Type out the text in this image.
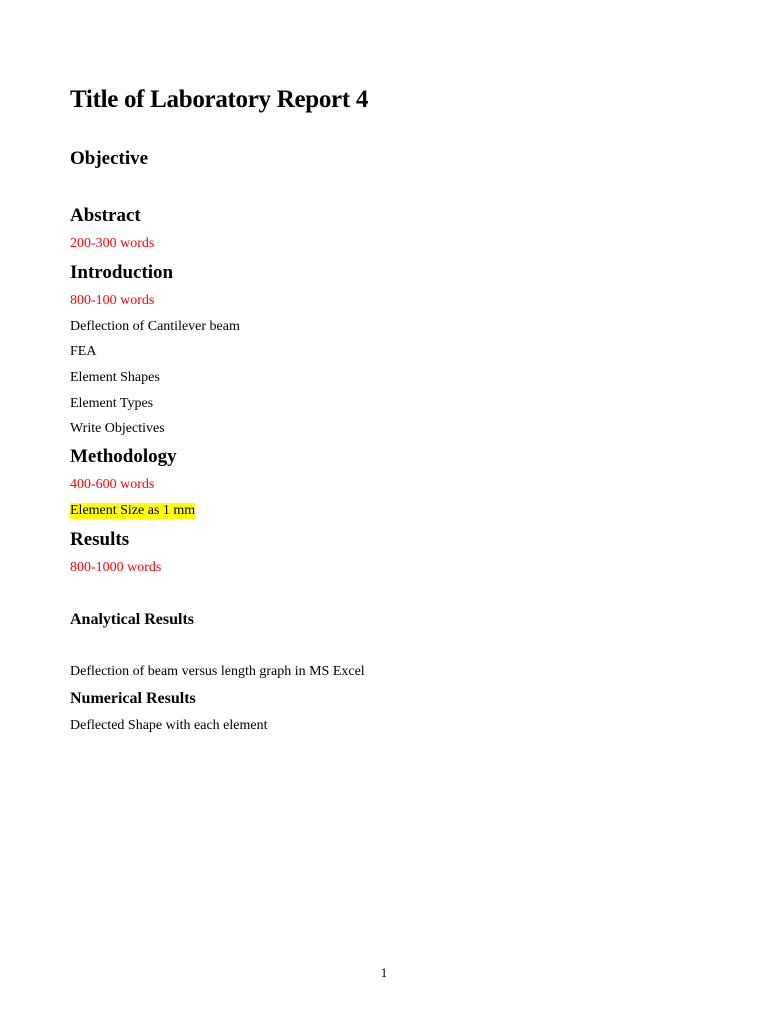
Title of Laboratory Report 4
Objective
Abstract
200-300 words
Introduction
800-100 words
Deflection of Cantilever beam
FEA
Element Shapes
Element Types
Write Objectives
Methodology
400-600 words
Element Size as 1 mm
Results
800-1000 words
Analytical Results
Deflection of beam versus length graph in MS Excel
Numerical Results
Deflected Shape with each element
1
